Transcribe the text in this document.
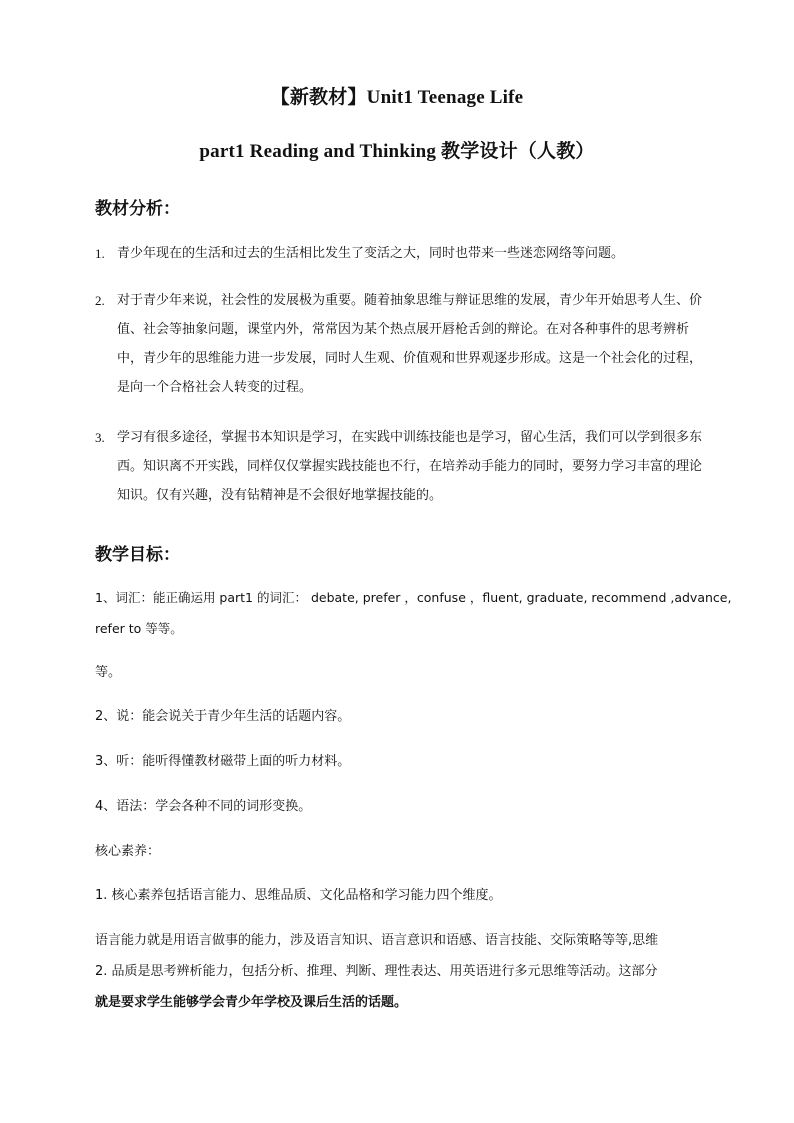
【新教材】Unit1 Teenage Life
part1 Reading and Thinking 教学设计（人教）
教材分析：
1. 青少年现在的生活和过去的生活相比发生了变活之大，同时也带来一些迷恋网络等问题。
2. 对于青少年来说，社会性的发展极为重要。随着抽象思维与辩证思维的发展，青少年开始思考人生、价值、社会等抽象问题，课堂内外，常常因为某个热点展开唇枪舌剑的辩论。在对各种事件的思考辨析中，青少年的思维能力进一步发展，同时人生观、价值观和世界观逐步形成。这是一个社会化的过程，是向一个合格社会人转变的过程。
3. 学习有很多途径，掌握书本知识是学习，在实践中训练技能也是学习，留心生活，我们可以学到很多东西。知识离不开实践，同样仅仅掌握实践技能也不行，在培养动手能力的同时，要努力学习丰富的理论知识。仅有兴趣，没有钻精神是不会很好地掌握技能的。
教学目标：
1、词汇：能正确运用 part1 的词汇： debate, prefer ，confuse ，fluent, graduate, recommend ,advance,
refer to 等等。
等。
2、说：能会说关于青少年生活的话题内容。
3、听：能听得懂教材磁带上面的听力材料。
4、语法：学会各种不同的词形变换。
核心素养：
1. 核心素养包括语言能力、思维品质、文化品格和学习能力四个维度。
语言能力就是用语言做事的能力，涉及语言知识、语言意识和语感、语言技能、交际策略等等,思维
2. 品质是思考辨析能力，包括分析、推理、判断、理性表达、用英语进行多元思维等活动。这部分
就是要求学生能够学会青少年学校及课后生活的话题。
